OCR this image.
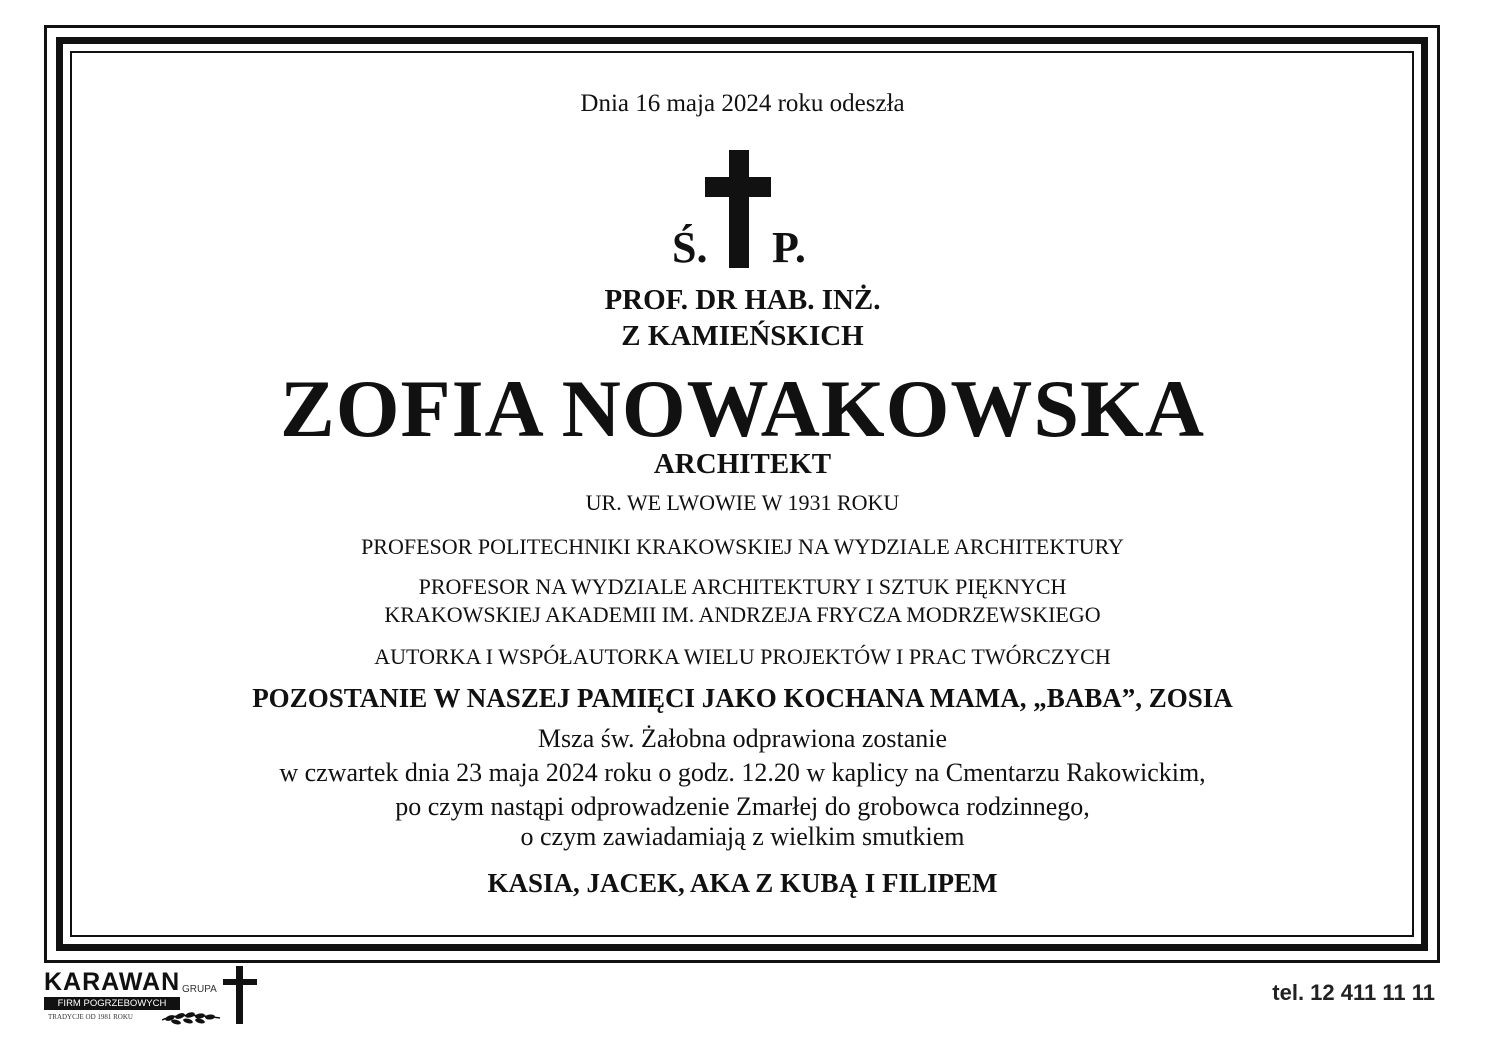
Dnia 16 maja 2024 roku odeszła
Ś. P.
PROF. DR HAB. INŻ.
Z KAMIEŃSKICH
ZOFIA NOWAKOWSKA
ARCHITEKT
UR. WE LWOWIE W 1931 ROKU
PROFESOR POLITECHNIKI KRAKOWSKIEJ NA WYDZIALE ARCHITEKTURY
PROFESOR NA WYDZIALE ARCHITEKTURY I SZTUK PIĘKNYCH
KRAKOWSKIEJ AKADEMII IM. ANDRZEJA FRYCZA MODRZEWSKIEGO
AUTORKA I WSPÓŁAUTORKA WIELU PROJEKTÓW I PRAC TWÓRCZYCH
POZOSTANIE W NASZEJ PAMIĘCI JAKO KOCHANA MAMA, „BABA”, ZOSIA
Msza św. Żałobna odprawiona zostanie
w czwartek dnia 23 maja 2024 roku o godz. 12.20 w kaplicy na Cmentarzu Rakowickim,
po czym nastąpi odprowadzenie Zmarłej do grobowca rodzinnego,
o czym zawiadamiają z wielkim smutkiem
KASIA, JACEK, AKA Z KUBĄ I FILIPEM
KARAWAN GRUPA
FIRM POGRZEBOWYCH
TRADYCJE OD 1981 ROKU
tel. 12 411 11 11
